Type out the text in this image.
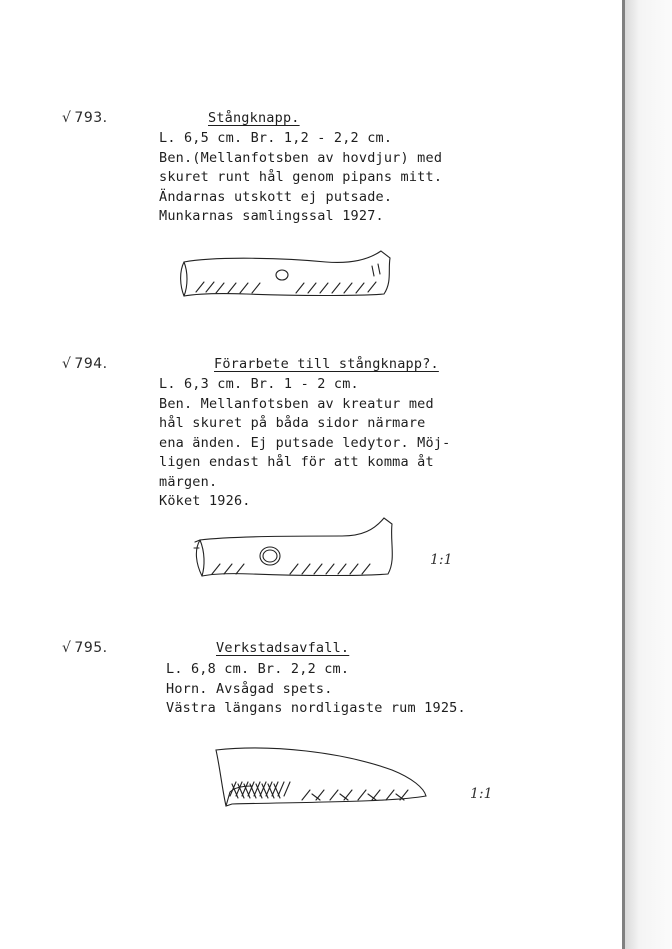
√ 793.	Stångknapp.
L. 6,5 cm. Br. 1,2 - 2,2 cm.
Ben.(Mellanfotsben av hovdjur) med
skuret runt hål genom pipans mitt.
Ändarnas utskott ej putsade.
Munkarnas samlingssal 1927.
√ 794.	Förarbete till stångknapp?.
L. 6,3 cm. Br. 1 - 2 cm.
Ben. Mellanfotsben av kreatur med
hål skuret på båda sidor närmare
ena änden. Ej putsade ledytor. Möj-
ligen endast hål för att komma åt
märgen.
Köket 1926.
1:1
√ 795.	Verkstadsavfall.
L. 6,8 cm. Br. 2,2 cm.
Horn. Avsågad spets.
Västra längans nordligaste rum 1925.
1:1
